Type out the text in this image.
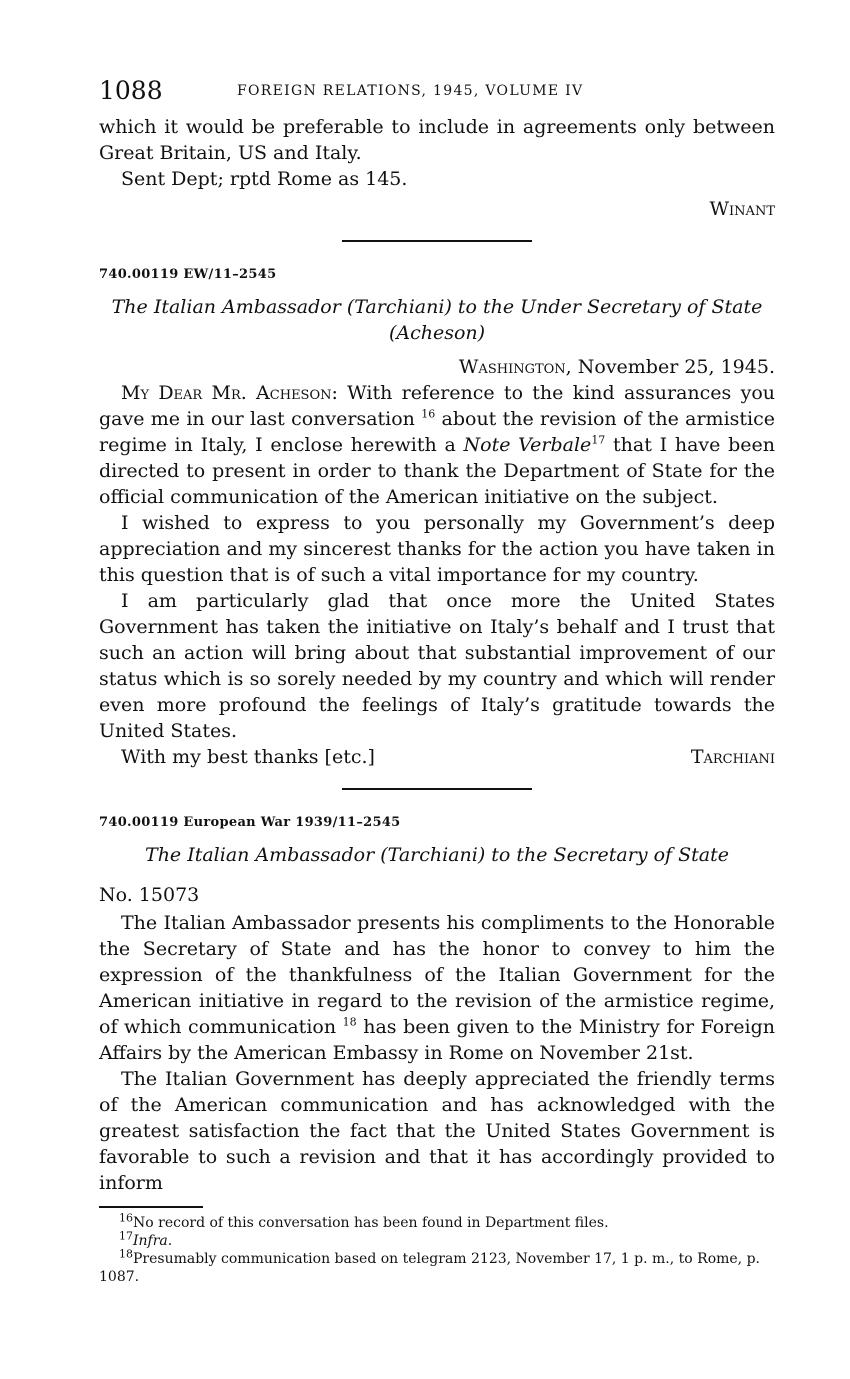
1088	FOREIGN RELATIONS, 1945, VOLUME IV

which it would be preferable to include in agreements only between Great Britain, US and Italy.

Sent Dept; rptd Rome as 145.

Winant

740.00119 EW/11–2545
The Italian Ambassador (Tarchiani) to the Under Secretary of State (Acheson)

Washington, November 25, 1945.

My Dear Mr. Acheson: With reference to the kind assurances you gave me in our last conversation $^{16}$ about the revision of the armistice regime in Italy, I enclose herewith a Note Verbale$^{17}$ that I have been directed to present in order to thank the Department of State for the official communication of the American initiative on the subject.

I wished to express to you personally my Government’s deep appreciation and my sincerest thanks for the action you have taken in this question that is of such a vital importance for my country.

I am particularly glad that once more the United States Government has taken the initiative on Italy’s behalf and I trust that such an action will bring about that substantial improvement of our status which is so sorely needed by my country and which will render even more profound the feelings of Italy’s gratitude towards the United States.

With my best thanks [etc.]	Tarchiani
740.00119 European War 1939/11–2545
The Italian Ambassador (Tarchiani) to the Secretary of State

No. 15073

The Italian Ambassador presents his compliments to the Honorable the Secretary of State and has the honor to convey to him the expression of the thankfulness of the Italian Government for the American initiative in regard to the revision of the armistice regime, of which communication $^{18}$ has been given to the Ministry for Foreign Affairs by the American Embassy in Rome on November 21st.

The Italian Government has deeply appreciated the friendly terms of the American communication and has acknowledged with the greatest satisfaction the fact that the United States Government is favorable to such a revision and that it has accordingly provided to inform

$^{16}$No record of this conversation has been found in Department files.

$^{17}$Infra.

$^{18}$Presumably communication based on telegram 2123, November 17, 1 p. m., to Rome, p. 1087.
